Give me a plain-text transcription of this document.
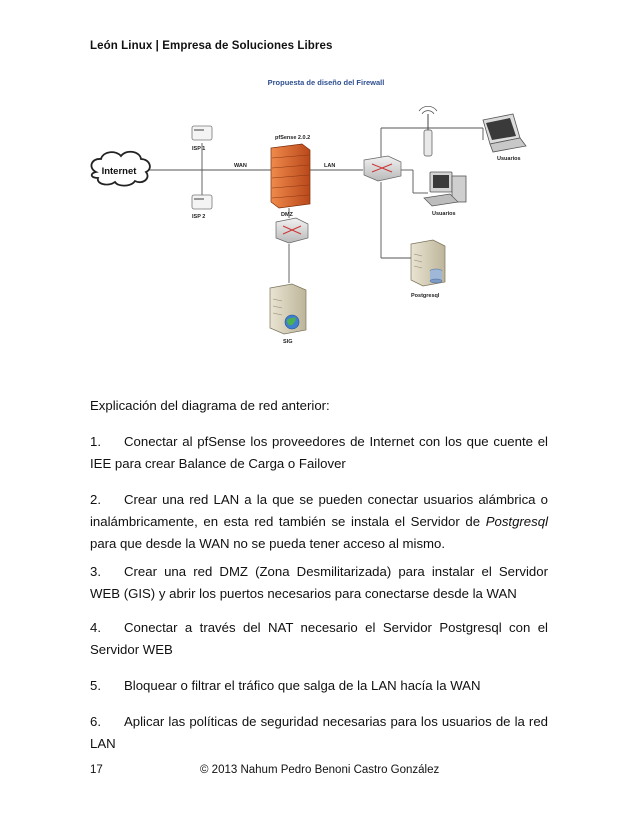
León Linux | Empresa de Soluciones Libres
Propuesta de diseño del Firewall
Internet
ISP 1
ISP 2
WAN
pfSense 2.0.2
DMZ
LAN
Usuarios
Usuarios
Postgresql
SIG
Explicación del diagrama de red anterior:
1. Conectar al pfSense los proveedores de Internet con los que cuente el IEE para crear Balance de Carga o Failover
2. Crear una red LAN a la que se pueden conectar usuarios alámbrica o inalámbricamente, en esta red también se instala el Servidor de Postgresql para que desde la WAN no se pueda tener acceso al mismo.
3. Crear una red DMZ (Zona Desmilitarizada) para instalar el Servidor WEB (GIS) y abrir los puertos necesarios para conectarse desde la WAN
4. Conectar a través del NAT necesario el Servidor Postgresql con el Servidor WEB
5. Bloquear o filtrar el tráfico que salga de la LAN hacía la WAN
6. Aplicar las políticas de seguridad necesarias para los usuarios de la red LAN
17	© 2013 Nahum Pedro Benoni Castro González
